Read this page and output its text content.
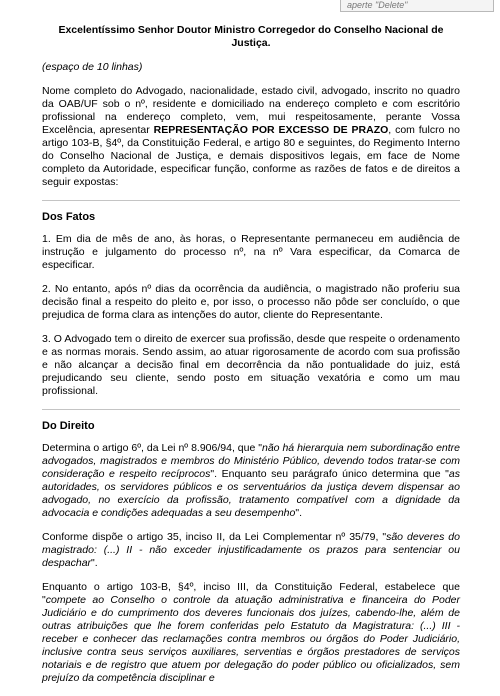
aperte "Delete"
Excelentíssimo Senhor Doutor Ministro Corregedor do Conselho Nacional de Justiça.

(espaço de 10 linhas)

Nome completo do Advogado, nacionalidade, estado civil, advogado, inscrito no quadro da OAB/UF sob o nº, residente e domiciliado na endereço completo e com escritório profissional na endereço completo, vem, mui respeitosamente, perante Vossa Excelência, apresentar REPRESENTAÇÃO POR EXCESSO DE PRAZO, com fulcro no artigo 103-B, §4º, da Constituição Federal, e artigo 80 e seguintes, do Regimento Interno do Conselho Nacional de Justiça, e demais dispositivos legais, em face de Nome completo da Autoridade, especificar função, conforme as razões de fatos e de direitos a seguir expostas:

Dos Fatos

1. Em dia de mês de ano, às horas, o Representante permaneceu em audiência de instrução e julgamento do processo nº, na nº Vara especificar, da Comarca de especificar.

2. No entanto, após nº dias da ocorrência da audiência, o magistrado não proferiu sua decisão final a respeito do pleito e, por isso, o processo não pôde ser concluído, o que prejudica de forma clara as intenções do autor, cliente do Representante.

3. O Advogado tem o direito de exercer sua profissão, desde que respeite o ordenamento e as normas morais. Sendo assim, ao atuar rigorosamente de acordo com sua profissão e não alcançar a decisão final em decorrência da não pontualidade do juiz, está prejudicando seu cliente, sendo posto em situação vexatória e como um mau profissional.

Do Direito

Determina o artigo 6º, da Lei nº 8.906/94, que "não há hierarquia nem subordinação entre advogados, magistrados e membros do Ministério Público, devendo todos tratar-se com consideração e respeito recíprocos". Enquanto seu parágrafo único determina que "as autoridades, os servidores públicos e os serventuários da justiça devem dispensar ao advogado, no exercício da profissão, tratamento compatível com a dignidade da advocacia e condições adequadas a seu desempenho".

Conforme dispõe o artigo 35, inciso II, da Lei Complementar nº 35/79, "são deveres do magistrado: (...) II - não exceder injustificadamente os prazos para sentenciar ou despachar".

Enquanto o artigo 103-B, §4º, inciso III, da Constituição Federal, estabelece que "compete ao Conselho o controle da atuação administrativa e financeira do Poder Judiciário e do cumprimento dos deveres funcionais dos juízes, cabendo-lhe, além de outras atribuições que lhe forem conferidas pelo Estatuto da Magistratura: (...) III - receber e conhecer das reclamações contra membros ou órgãos do Poder Judiciário, inclusive contra seus serviços auxiliares, serventias e órgãos prestadores de serviços notariais e de registro que atuem por delegação do poder público ou oficializados, sem prejuízo da competência disciplinar e
